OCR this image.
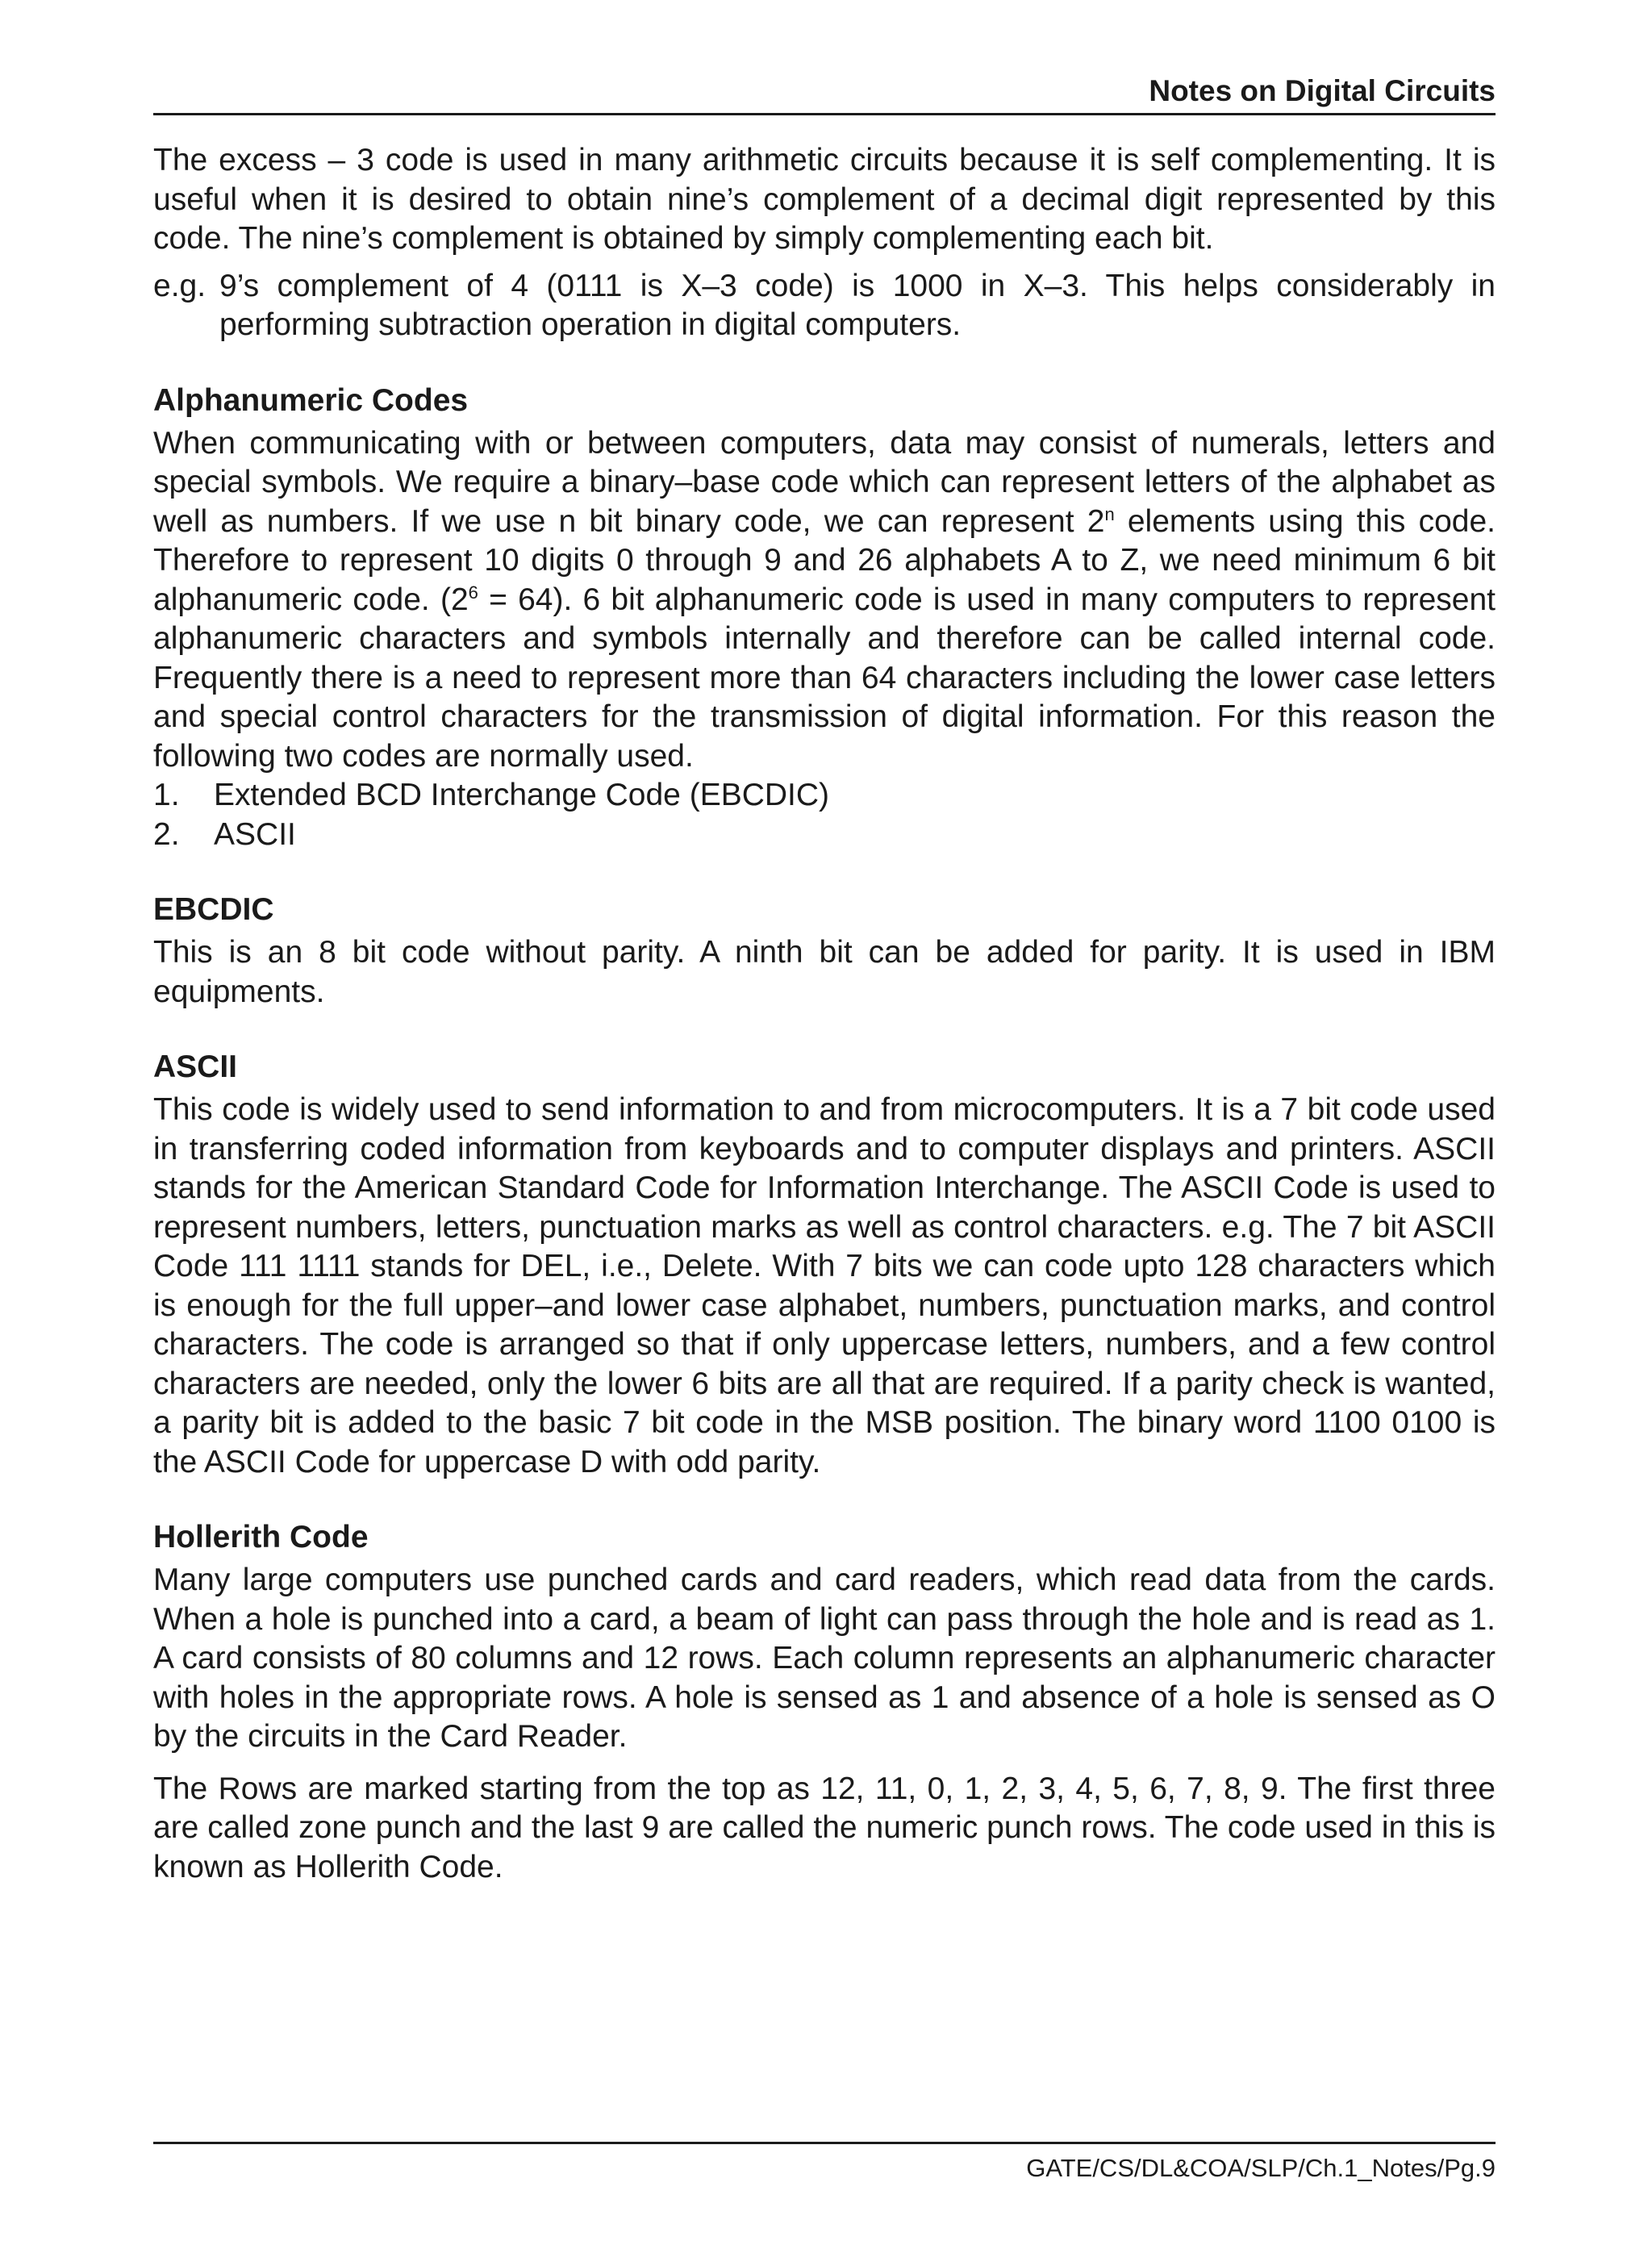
Notes on Digital Circuits

The excess – 3 code is used in many arithmetic circuits because it is self complementing. It is useful when it is desired to obtain nine’s complement of a decimal digit represented by this code. The nine’s complement is obtained by simply complementing each bit.

e.g. 9’s complement of 4 (0111 is X–3 code) is 1000 in X–3. This helps considerably in performing subtraction operation in digital computers.
Alphanumeric Codes

When communicating with or between computers, data may consist of numerals, letters and special symbols. We require a binary–base code which can represent letters of the alphabet as well as numbers. If we use n bit binary code, we can represent 2$^n$ elements using this code. Therefore to represent 10 digits 0 through 9 and 26 alphabets A to Z, we need minimum 6 bit alphanumeric code. $(2^6 = 64)$. 6 bit alphanumeric code is used in many computers to represent alphanumeric characters and symbols internally and therefore can be called internal code. Frequently there is a need to represent more than 64 characters including the lower case letters and special control characters for the transmission of digital information. For this reason the following two codes are normally used.

1.	Extended BCD Interchange Code (EBCDIC)
2.	ASCII
EBCDIC

This is an 8 bit code without parity. A ninth bit can be added for parity. It is used in IBM equipments.

ASCII

This code is widely used to send information to and from microcomputers. It is a 7 bit code used in transferring coded information from keyboards and to computer displays and printers. ASCII stands for the American Standard Code for Information Interchange. The ASCII Code is used to represent numbers, letters, punctuation marks as well as control characters. e.g. The 7 bit ASCII Code 111 1111 stands for DEL, i.e., Delete. With 7 bits we can code upto 128 characters which is enough for the full upper–and lower case alphabet, numbers, punctuation marks, and control characters. The code is arranged so that if only uppercase letters, numbers, and a few control characters are needed, only the lower 6 bits are all that are required. If a parity check is wanted, a parity bit is added to the basic 7 bit code in the MSB position. The binary word 1100 0100 is the ASCII Code for uppercase D with odd parity.

Hollerith Code

Many large computers use punched cards and card readers, which read data from the cards. When a hole is punched into a card, a beam of light can pass through the hole and is read as 1. A card consists of 80 columns and 12 rows. Each column represents an alphanumeric character with holes in the appropriate rows. A hole is sensed as 1 and absence of a hole is sensed as O by the circuits in the Card Reader.

The Rows are marked starting from the top as 12, 11, 0, 1, 2, 3, 4, 5, 6, 7, 8, 9. The first three are called zone punch and the last 9 are called the numeric punch rows. The code used in this is known as Hollerith Code.

GATE/CS/DL&COA/SLP/Ch.1_Notes/Pg.9
